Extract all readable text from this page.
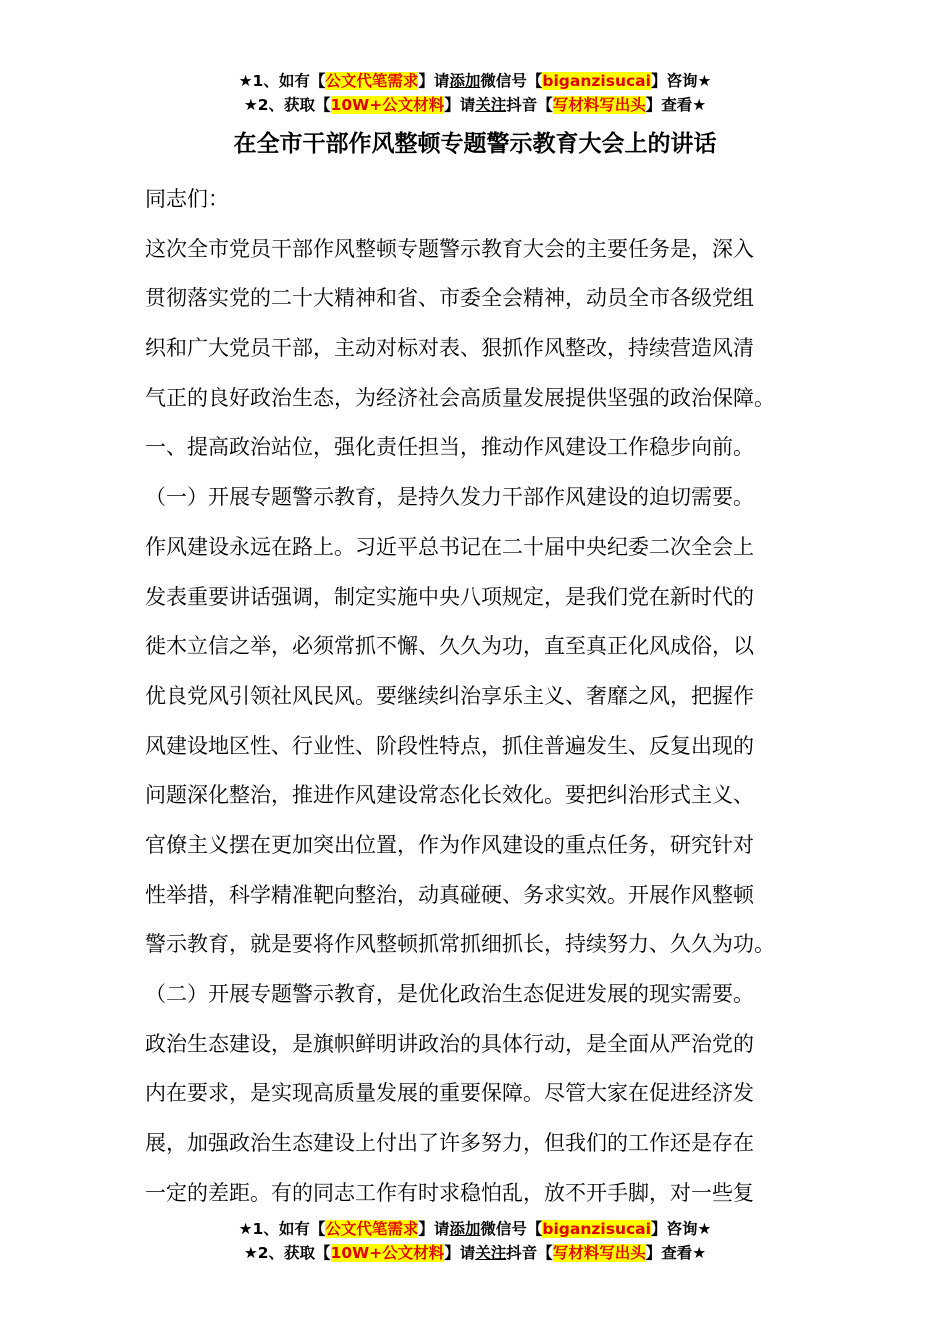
★1、如有【公文代笔需求】请添加微信号【biganzisucai】咨询★
★2、获取【10W+公文材料】请关注抖音【写材料写出头】查看★
在全市干部作风整顿专题警示教育大会上的讲话
同志们：
这次全市党员干部作风整顿专题警示教育大会的主要任务是，深入
贯彻落实党的二十大精神和省、市委全会精神，动员全市各级党组
织和广大党员干部，主动对标对表、狠抓作风整改，持续营造风清
气正的良好政治生态，为经济社会高质量发展提供坚强的政治保障。
一、提高政治站位，强化责任担当，推动作风建设工作稳步向前。
（一）开展专题警示教育，是持久发力干部作风建设的迫切需要。
作风建设永远在路上。习近平总书记在二十届中央纪委二次全会上
发表重要讲话强调，制定实施中央八项规定，是我们党在新时代的
徙木立信之举，必须常抓不懈、久久为功，直至真正化风成俗，以
优良党风引领社风民风。要继续纠治享乐主义、奢靡之风，把握作
风建设地区性、行业性、阶段性特点，抓住普遍发生、反复出现的
问题深化整治，推进作风建设常态化长效化。要把纠治形式主义、
官僚主义摆在更加突出位置，作为作风建设的重点任务，研究针对
性举措，科学精准靶向整治，动真碰硬、务求实效。开展作风整顿
警示教育，就是要将作风整顿抓常抓细抓长，持续努力、久久为功。
（二）开展专题警示教育，是优化政治生态促进发展的现实需要。
政治生态建设，是旗帜鲜明讲政治的具体行动，是全面从严治党的
内在要求，是实现高质量发展的重要保障。尽管大家在促进经济发
展，加强政治生态建设上付出了许多努力，但我们的工作还是存在
一定的差距。有的同志工作有时求稳怕乱，放不开手脚，对一些复
★1、如有【公文代笔需求】请添加微信号【biganzisucai】咨询★
★2、获取【10W+公文材料】请关注抖音【写材料写出头】查看★
